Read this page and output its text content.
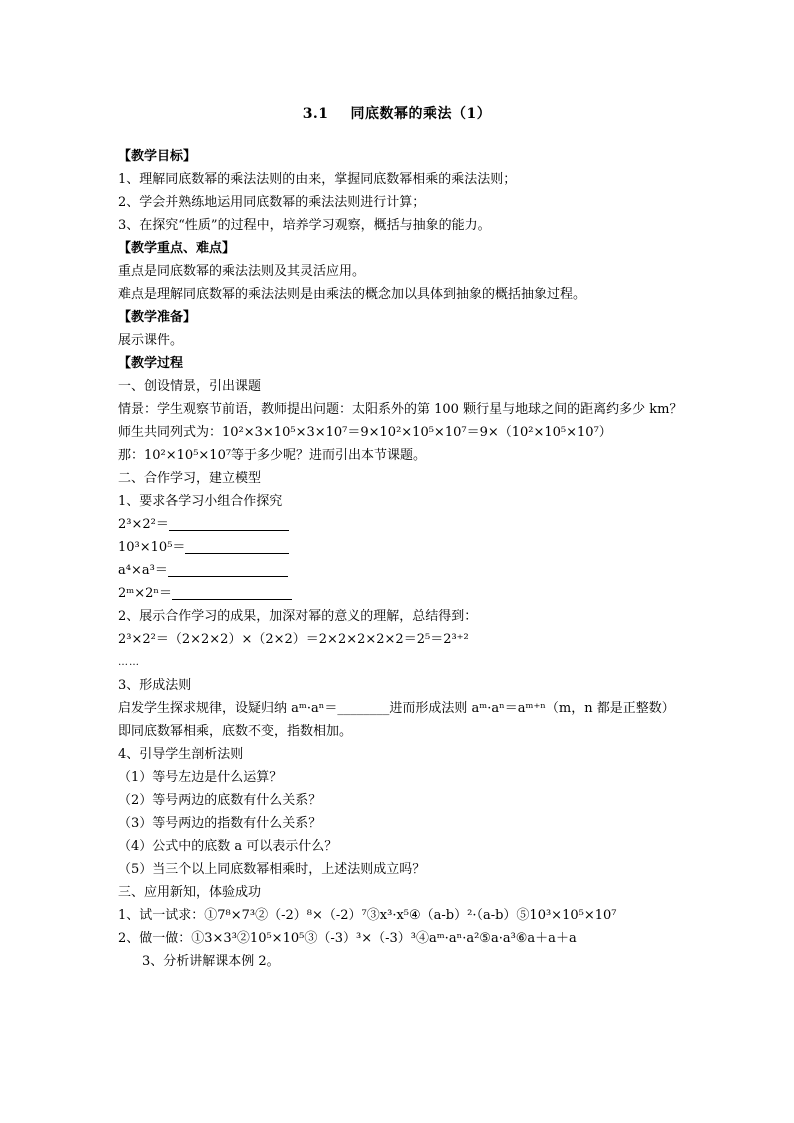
3.1 同底数幂的乘法（1）
【教学目标】
1、理解同底数幂的乘法法则的由来，掌握同底数幂相乘的乘法法则；
2、学会并熟练地运用同底数幂的乘法法则进行计算；
3、在探究“性质”的过程中，培养学习观察，概括与抽象的能力。
【教学重点、难点】
重点是同底数幂的乘法法则及其灵活应用。
难点是理解同底数幂的乘法法则是由乘法的概念加以具体到抽象的概括抽象过程。
【教学准备】
展示课件。
【教学过程
一、创设情景，引出课题
情景：学生观察节前语，教师提出问题：太阳系外的第 100 颗行星与地球之间的距离约多少 km？
师生共同列式为：10²×3×10⁵×3×10⁷＝9×10²×10⁵×10⁷＝9×（10²×10⁵×10⁷）
那：10²×10⁵×10⁷等于多少呢？进而引出本节课题。
二、合作学习，建立模型
1、要求各学习小组合作探究
2³×2²＝
10³×10⁵＝
a⁴×a³＝
2ᵐ×2ⁿ＝
2、展示合作学习的成果，加深对幂的意义的理解，总结得到：
2³×2²＝（2×2×2）×（2×2）＝2×2×2×2×2＝2⁵＝2³⁺²
……
3、形成法则
启发学生探求规律，设疑归纳 aᵐ·aⁿ＝________进而形成法则 aᵐ·aⁿ＝aᵐ⁺ⁿ（m，n 都是正整数）即同底数幂相乘，底数不变，指数相加。
4、引导学生剖析法则
（1）等号左边是什么运算？
（2）等号两边的底数有什么关系？
（3）等号两边的指数有什么关系？
（4）公式中的底数 a 可以表示什么？
（5）当三个以上同底数幂相乘时，上述法则成立吗？
三、应用新知，体验成功
1、试一试求：①7⁸×7³②（-2）⁸×（-2）⁷③x³·x⁵④（a-b）²·（a-b）⑤10³×10⁵×10⁷
2、做一做：①3×3³②10⁵×10⁵③（-3）³×（-3）³④aᵐ·aⁿ·a²⑤a·a³⑥a＋a＋a
3、分析讲解课本例 2。
